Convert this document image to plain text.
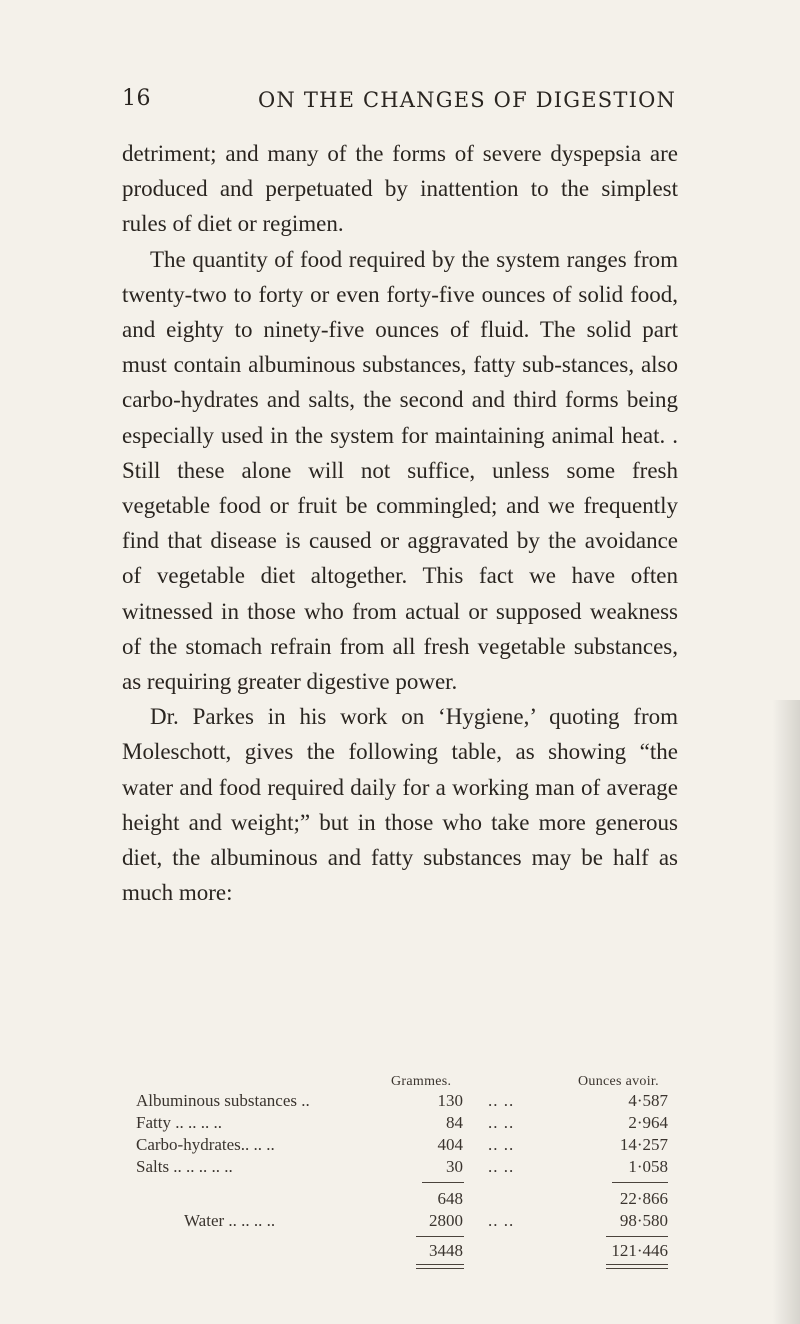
16	ON THE CHANGES OF DIGESTION

detriment; and many of the forms of severe dyspepsia are produced and perpetuated by inattention to the simplest rules of diet or regimen.

The quantity of food required by the system ranges from twenty-two to forty or even forty-five ounces of solid food, and eighty to ninety-five ounces of fluid. The solid part must contain albuminous substances, fatty sub-stances, also carbo-hydrates and salts, the second and third forms being especially used in the system for maintaining animal heat. . Still these alone will not suffice, unless some fresh vegetable food or fruit be commingled; and we frequently find that disease is caused or aggravated by the avoidance of vegetable diet altogether. This fact we have often witnessed in those who from actual or supposed weakness of the stomach refrain from all fresh vegetable substances, as requiring greater digestive power.

Dr. Parkes in his work on ‘Hygiene,’ quoting from Moleschott, gives the following table, as showing “the water and food required daily for a working man of average height and weight;” but in those who take more generous diet, the albuminous and fatty substances may be half as much more:

Grammes.	Ounces avoir.
Albuminous substances ..	130 .. ..	4·587
Fatty .. .. .. ..	84 .. ..	2·964
Carbo-hydrates.. .. ..	404 .. ..	14·257
Salts .. .. .. .. ..	30 .. ..	1·058
648	22·866
Water .. .. .. ..	2800 .. ..	98·580
3448	121·446
